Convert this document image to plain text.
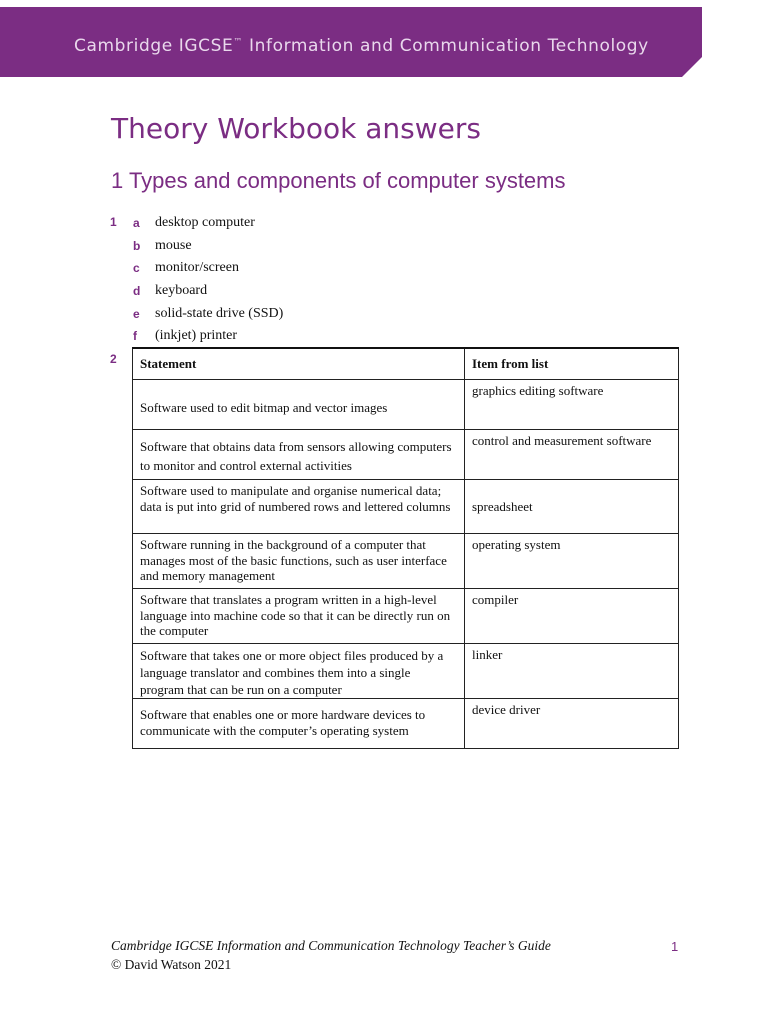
Cambridge IGCSE™ Information and Communication Technology
Theory Workbook answers
1 Types and components of computer systems
1 a	desktop computer
b	mouse
c	monitor/screen
d	keyboard
e	solid-state drive (SSD)
f	(inkjet) printer
2 Statement	Item from list
Software used to edit bitmap and vector images	graphics editing software
Software that obtains data from sensors allowing computers to monitor and control external activities	control and measurement software
Software used to manipulate and organise numerical data; data is put into grid of numbered rows and lettered columns	spreadsheet
Software running in the background of a computer that manages most of the basic functions, such as user interface and memory management	operating system
Software that translates a program written in a high-level language into machine code so that it can be directly run on the computer	compiler
Software that takes one or more object files produced by a language translator and combines them into a single program that can be run on a computer	linker
Software that enables one or more hardware devices to communicate with the computer’s operating system	device driver
Cambridge IGCSE Information and Communication Technology Teacher’s Guide
© David Watson 2021
1
